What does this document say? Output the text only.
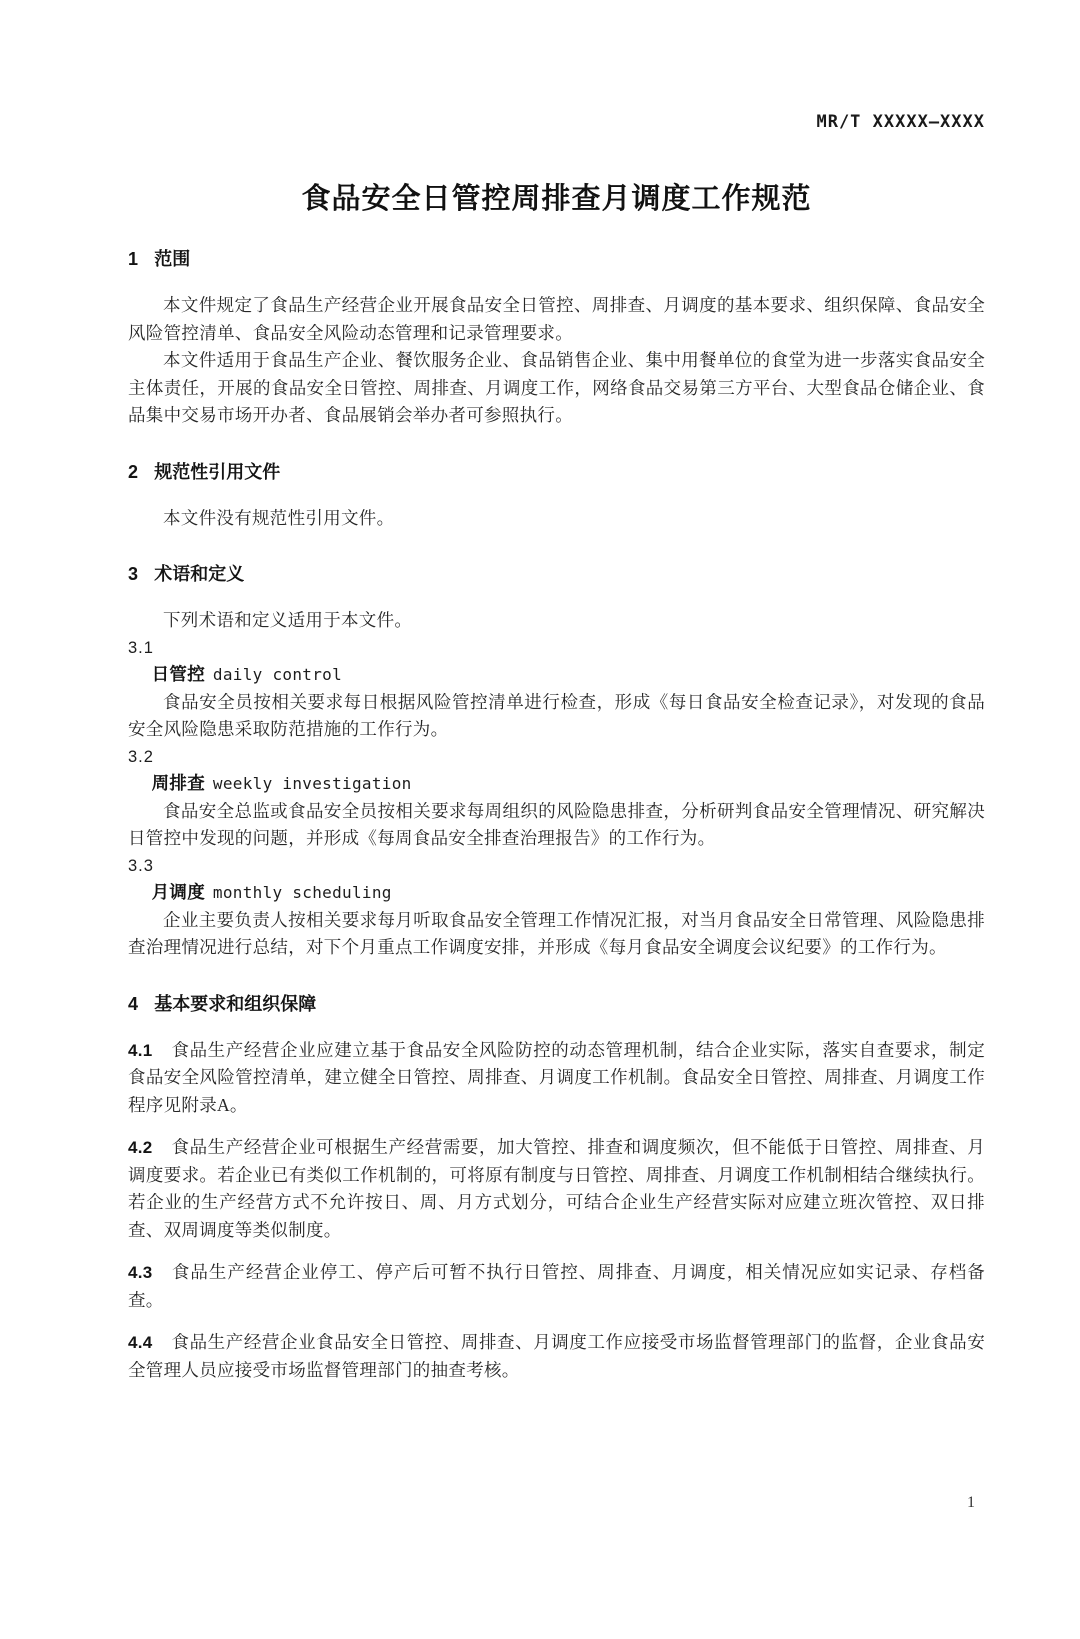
MR/T XXXXX—XXXX
食品安全日管控周排查月调度工作规范
1 范围

本文件规定了食品生产经营企业开展食品安全日管控、周排查、月调度的基本要求、组织保障、食品安全风险管控清单、食品安全风险动态管理和记录管理要求。

本文件适用于食品生产企业、餐饮服务企业、食品销售企业、集中用餐单位的食堂为进一步落实食品安全主体责任，开展的食品安全日管控、周排查、月调度工作，网络食品交易第三方平台、大型食品仓储企业、食品集中交易市场开办者、食品展销会举办者可参照执行。

2 规范性引用文件

本文件没有规范性引用文件。

3 术语和定义

下列术语和定义适用于本文件。

3.1

日管控 daily control

食品安全员按相关要求每日根据风险管控清单进行检查，形成《每日食品安全检查记录》，对发现的食品安全风险隐患采取防范措施的工作行为。

3.2

周排查 weekly investigation

食品安全总监或食品安全员按相关要求每周组织的风险隐患排查，分析研判食品安全管理情况、研究解决日管控中发现的问题，并形成《每周食品安全排查治理报告》的工作行为。

3.3

月调度 monthly scheduling

企业主要负责人按相关要求每月听取食品安全管理工作情况汇报，对当月食品安全日常管理、风险隐患排查治理情况进行总结，对下个月重点工作调度安排，并形成《每月食品安全调度会议纪要》的工作行为。

4 基本要求和组织保障

4.1 食品生产经营企业应建立基于食品安全风险防控的动态管理机制，结合企业实际，落实自查要求，制定食品安全风险管控清单，建立健全日管控、周排查、月调度工作机制。食品安全日管控、周排查、月调度工作程序见附录A。

4.2 食品生产经营企业可根据生产经营需要，加大管控、排查和调度频次，但不能低于日管控、周排查、月调度要求。若企业已有类似工作机制的，可将原有制度与日管控、周排查、月调度工作机制相结合继续执行。若企业的生产经营方式不允许按日、周、月方式划分，可结合企业生产经营实际对应建立班次管控、双日排查、双周调度等类似制度。

4.3 食品生产经营企业停工、停产后可暂不执行日管控、周排查、月调度，相关情况应如实记录、存档备查。

4.4 食品生产经营企业食品安全日管控、周排查、月调度工作应接受市场监督管理部门的监督，企业食品安全管理人员应接受市场监督管理部门的抽查考核。

1
